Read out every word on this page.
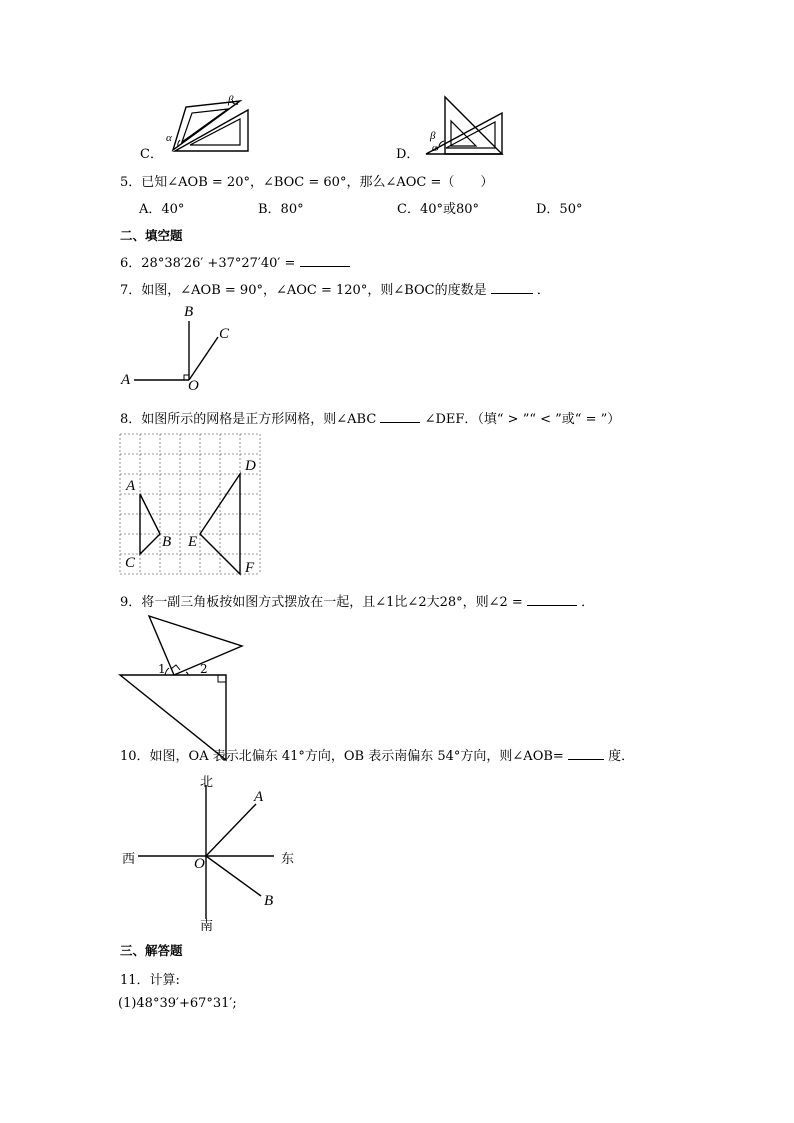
C．
α
β
D．
β
α
5．已知∠AOB = 20°，∠BOC = 60°，那么∠AOC =（　　）
A．40°	B．80°	C．40°或80°	D．50°
二、填空题
6．28°38′26′ +37°27′40′ =
7．如图，∠AOB = 90°，∠AOC = 120°，则∠BOC的度数是	．
B
C
A	O
8．如图所示的网格是正方形网格，则∠ABC	∠DEF．（填“ > ”“ < ”或“ = ”）
A
B
C
D
E
F
9．将一副三角板按如图方式摆放在一起，且∠1比∠2大28°，则∠2 =	．
1	2
10．如图，OA 表示北偏东 41°方向，OB 表示南偏东 54°方向，则∠AOB=	度．
北
南
西	东
O
A
B
三、解答题
11．计算:
(1)48°39′+67°31′;
